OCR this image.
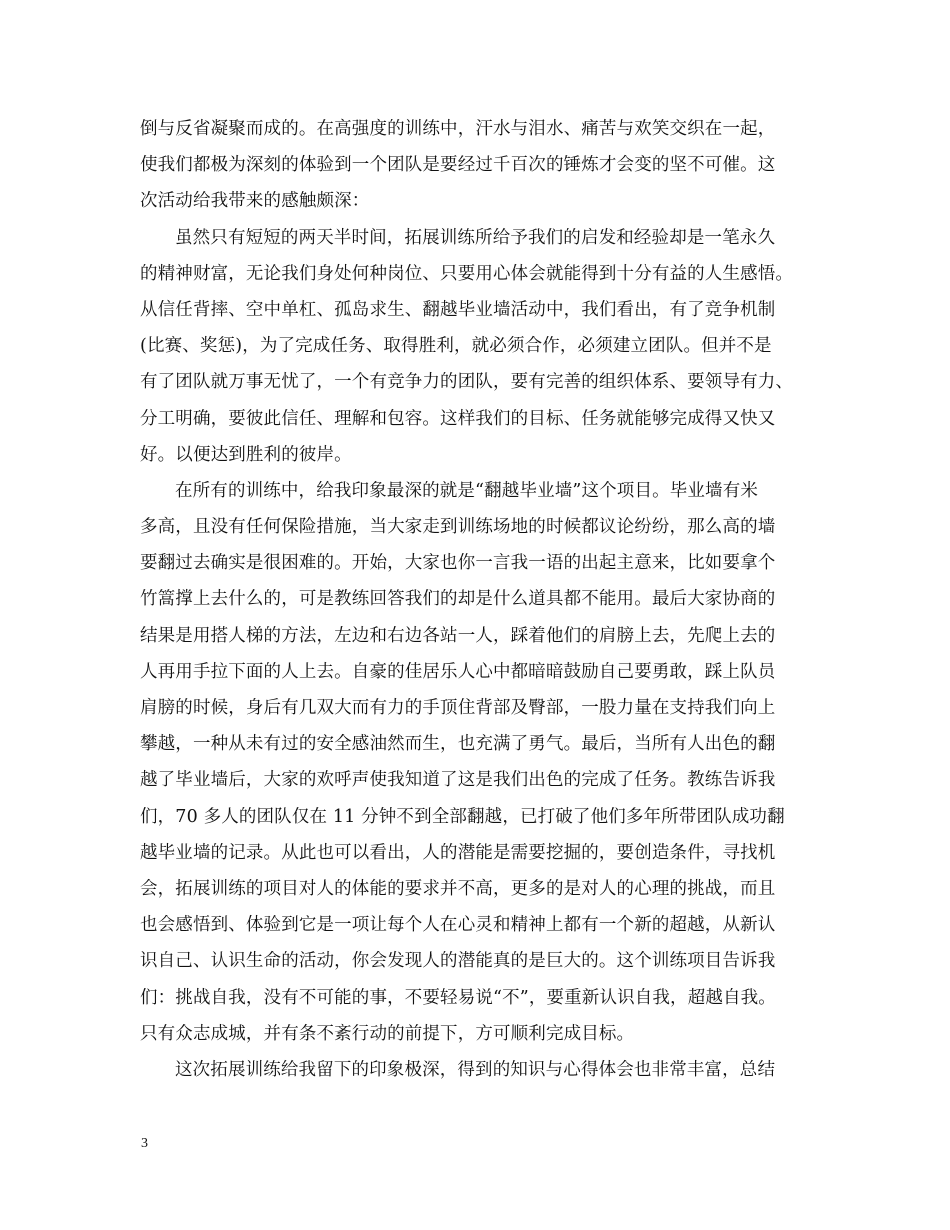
倒与反省凝聚而成的。在高强度的训练中，汗水与泪水、痛苦与欢笑交织在一起，
使我们都极为深刻的体验到一个团队是要经过千百次的锤炼才会变的坚不可催。这
次活动给我带来的感触颇深：
虽然只有短短的两天半时间，拓展训练所给予我们的启发和经验却是一笔永久
的精神财富，无论我们身处何种岗位、只要用心体会就能得到十分有益的人生感悟。
从信任背摔、空中单杠、孤岛求生、翻越毕业墙活动中，我们看出，有了竞争机制
(比赛、奖惩)，为了完成任务、取得胜利，就必须合作，必须建立团队。但并不是
有了团队就万事无忧了，一个有竞争力的团队，要有完善的组织体系、要领导有力、
分工明确，要彼此信任、理解和包容。这样我们的目标、任务就能够完成得又快又
好。以便达到胜利的彼岸。
在所有的训练中，给我印象最深的就是“翻越毕业墙”这个项目。毕业墙有米
多高，且没有任何保险措施，当大家走到训练场地的时候都议论纷纷，那么高的墙
要翻过去确实是很困难的。开始，大家也你一言我一语的出起主意来，比如要拿个
竹篙撑上去什么的，可是教练回答我们的却是什么道具都不能用。最后大家协商的
结果是用搭人梯的方法，左边和右边各站一人，踩着他们的肩膀上去，先爬上去的
人再用手拉下面的人上去。自豪的佳居乐人心中都暗暗鼓励自己要勇敢，踩上队员
肩膀的时候，身后有几双大而有力的手顶住背部及臀部，一股力量在支持我们向上
攀越，一种从未有过的安全感油然而生，也充满了勇气。最后，当所有人出色的翻
越了毕业墙后，大家的欢呼声使我知道了这是我们出色的完成了任务。教练告诉我
们，70 多人的团队仅在 11 分钟不到全部翻越，已打破了他们多年所带团队成功翻
越毕业墙的记录。从此也可以看出，人的潜能是需要挖掘的，要创造条件，寻找机
会，拓展训练的项目对人的体能的要求并不高，更多的是对人的心理的挑战，而且
也会感悟到、体验到它是一项让每个人在心灵和精神上都有一个新的超越，从新认
识自己、认识生命的活动，你会发现人的潜能真的是巨大的。这个训练项目告诉我
们：挑战自我，没有不可能的事，不要轻易说“不”，要重新认识自我，超越自我。
只有众志成城，并有条不紊行动的前提下，方可顺利完成目标。
这次拓展训练给我留下的印象极深，得到的知识与心得体会也非常丰富，总结
3
